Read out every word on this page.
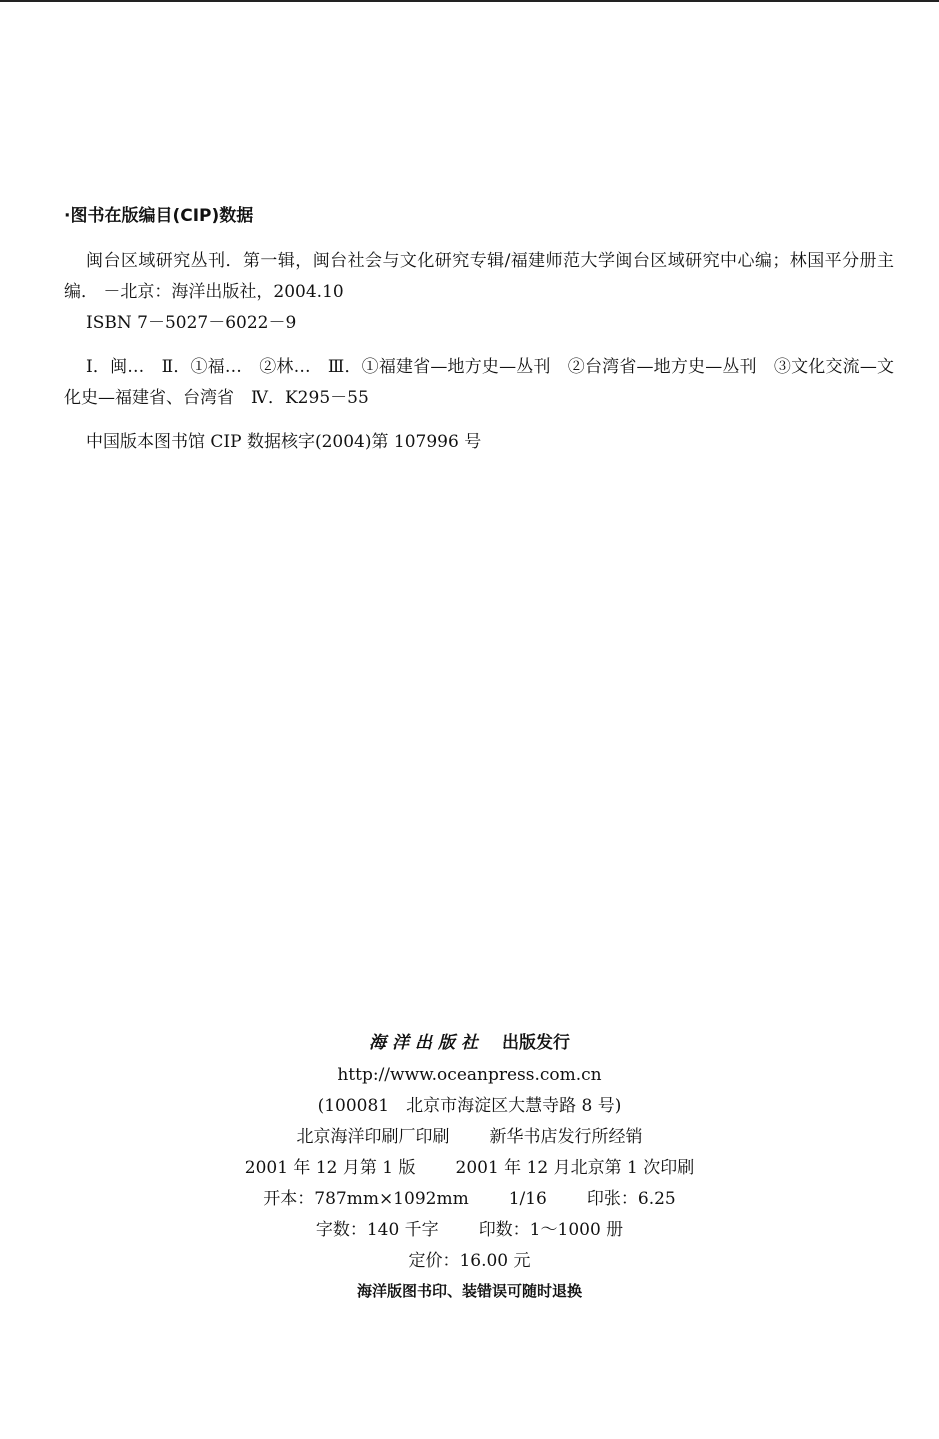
·图书在版编目(CIP)数据

闽台区域研究丛刊．第一辑，闽台社会与文化研究专辑/福建师范大学闽台区域研究中心编；林国平分册主编． －北京：海洋出版社，2004.10

ISBN 7－5027－6022－9

Ⅰ．闽…　Ⅱ．①福…　②林…　Ⅲ．①福建省—地方史—丛刊　②台湾省—地方史—丛刊　③文化交流—文化史—福建省、台湾省　Ⅳ．K295－55

中国版本图书馆 CIP 数据核字(2004)第 107996 号

海洋出版社 出版发行
http://www.oceanpress.com.cn
(100081　北京市海淀区大慧寺路 8 号)
北京海洋印刷厂印刷 新华书店发行所经销
2001 年 12 月第 1 版 2001 年 12 月北京第 1 次印刷
开本：787mm×1092mm 1/16 印张：6.25
字数：140 千字 印数：1～1000 册
定价：16.00 元
海洋版图书印、装错误可随时退换
